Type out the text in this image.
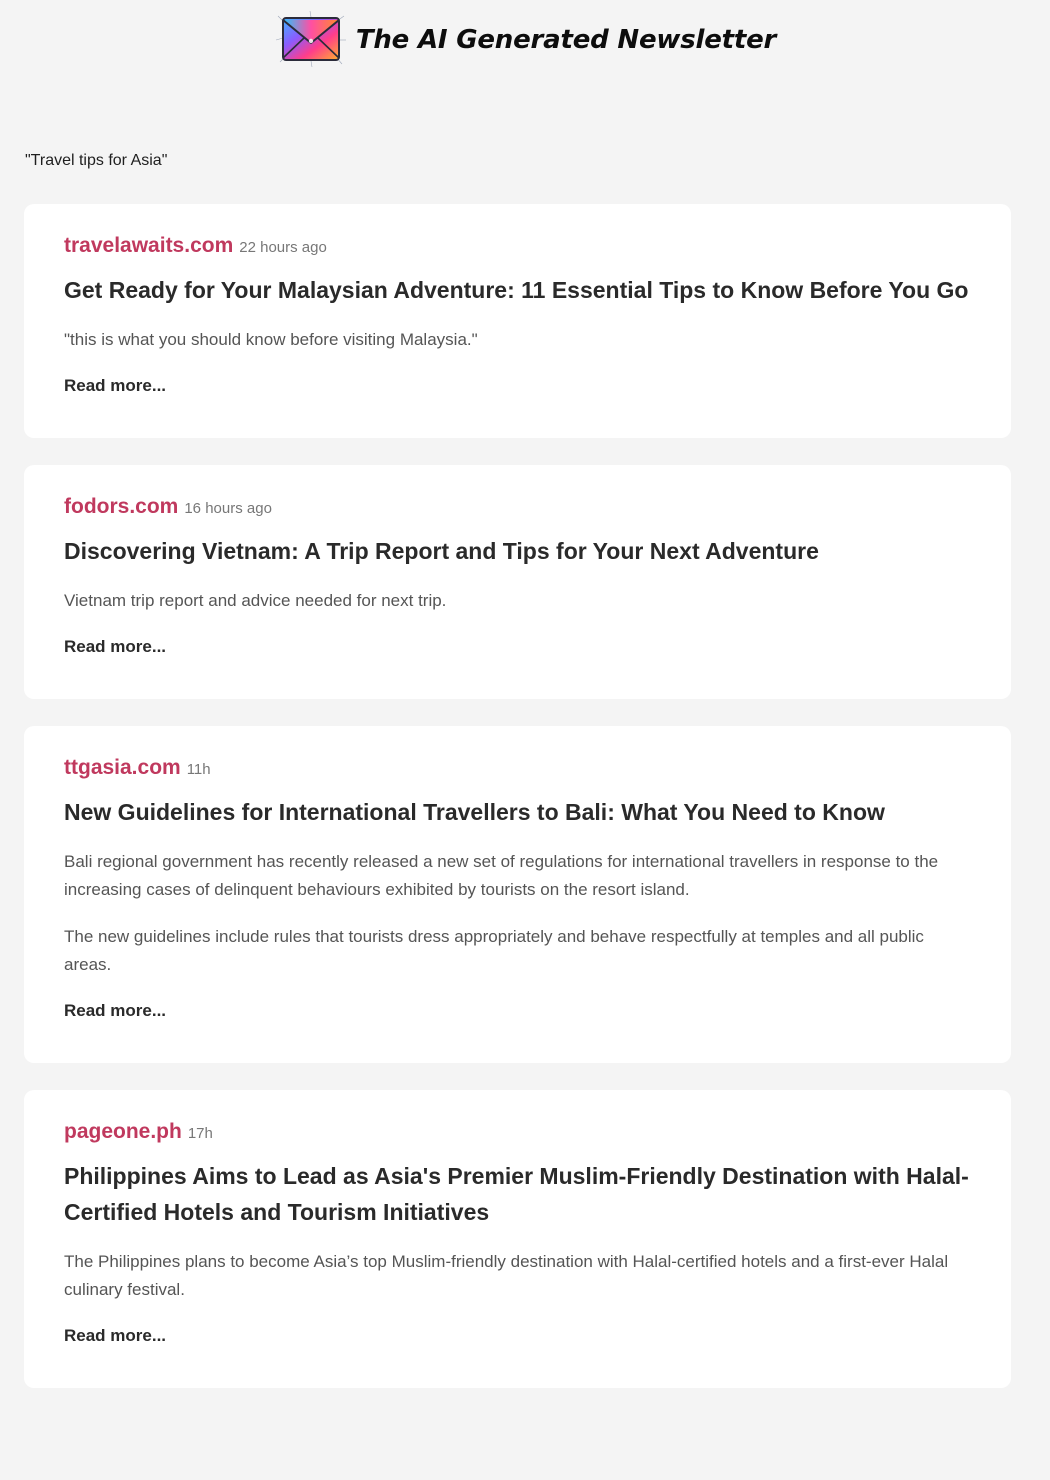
The AI Generated Newsletter
"Travel tips for Asia"
travelawaits.com 22 hours ago
Get Ready for Your Malaysian Adventure: 11 Essential Tips to Know Before You Go

"this is what you should know before visiting Malaysia."

Read more...
fodors.com 16 hours ago
Discovering Vietnam: A Trip Report and Tips for Your Next Adventure

Vietnam trip report and advice needed for next trip.

Read more...
ttgasia.com 11h
New Guidelines for International Travellers to Bali: What You Need to Know

Bali regional government has recently released a new set of regulations for international travellers in response to the increasing cases of delinquent behaviours exhibited by tourists on the resort island.

The new guidelines include rules that tourists dress appropriately and behave respectfully at temples and all public areas.

Read more...
pageone.ph 17h
Philippines Aims to Lead as Asia's Premier Muslim-Friendly Destination with Halal-Certified Hotels and Tourism Initiatives

The Philippines plans to become Asia’s top Muslim-friendly destination with Halal-certified hotels and a first-ever Halal culinary festival.

Read more...
